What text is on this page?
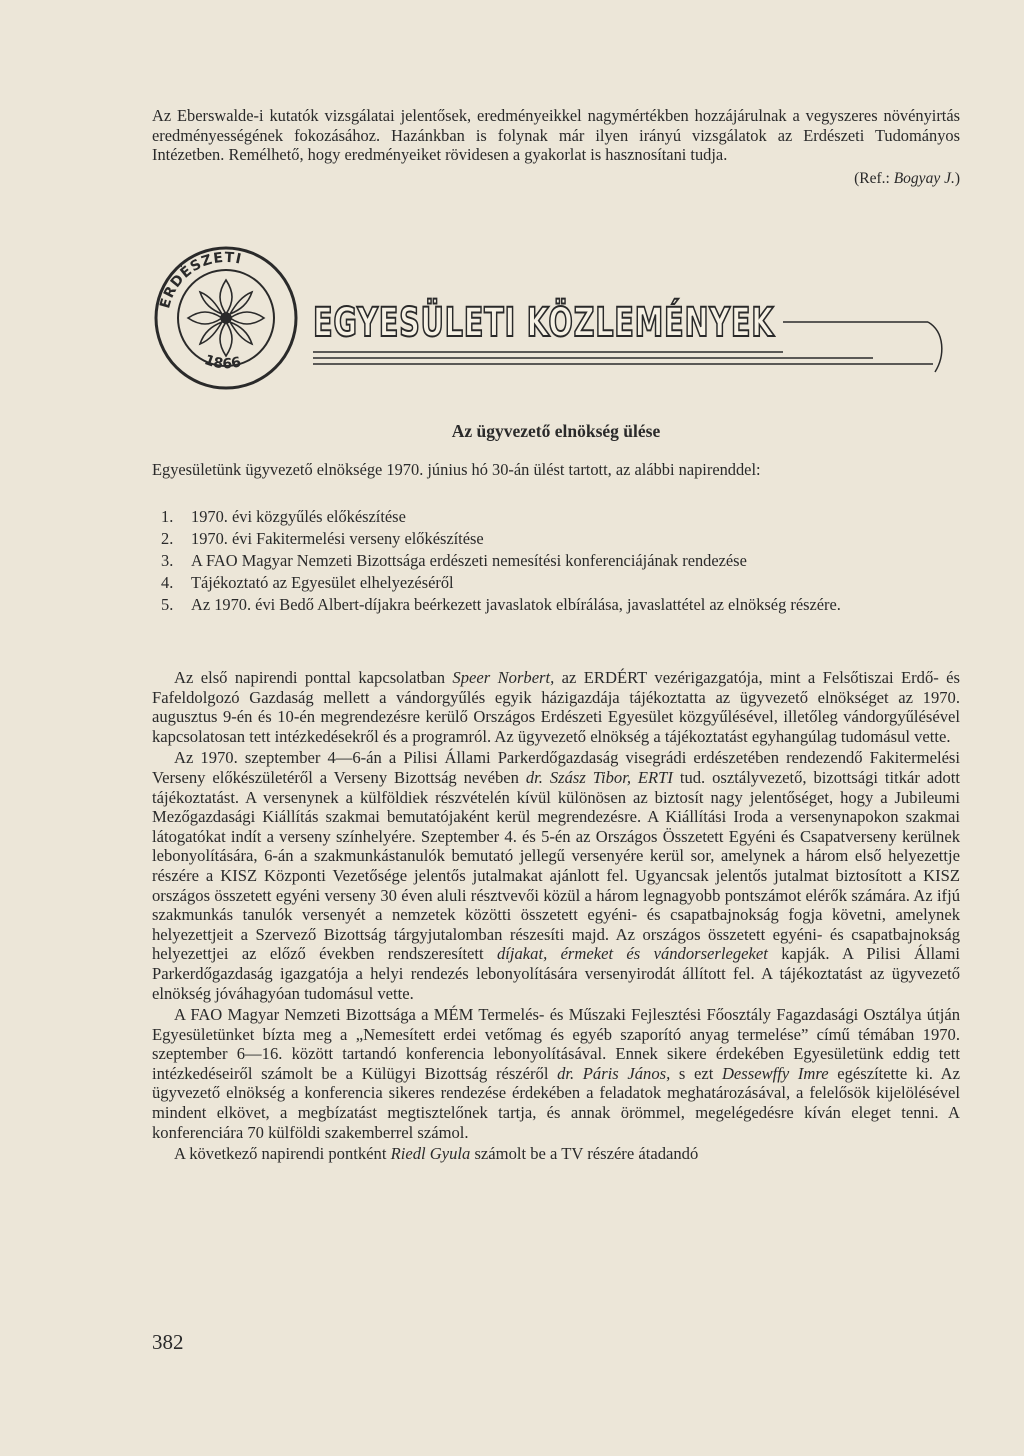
Az Eberswalde-i kutatók vizsgálatai jelentősek, eredményeikkel nagymértékben hozzájárulnak a vegyszeres növényirtás eredményességének fokozásához. Hazánkban is folynak már ilyen irányú vizsgálatok az Erdészeti Tudományos Intézetben. Remélhető, hogy eredményeiket rövidesen a gyakorlat is hasznosítani tudja.

(Ref.: Bogyay J.)
ERDÉSZETI
1866
EGYESÜLETI KÖZLEMÉNYEK
Az ügyvezető elnökség ülése
Egyesületünk ügyvezető elnöksége 1970. június hó 30-án ülést tartott, az alábbi napirenddel:
1.	1970. évi közgyűlés előkészítése
2.	1970. évi Fakitermelési verseny előkészítése
3.	A FAO Magyar Nemzeti Bizottsága erdészeti nemesítési konferenciájának rendezése
4.	Tájékoztató az Egyesület elhelyezéséről
5.	Az 1970. évi Bedő Albert-díjakra beérkezett javaslatok elbírálása, javaslattétel az elnökség részére.

Az első napirendi ponttal kapcsolatban Speer Norbert, az ERDÉRT vezérigazgatója, mint a Felsőtiszai Erdő- és Fafeldolgozó Gazdaság mellett a vándorgyűlés egyik házigazdája tájékoztatta az ügyvezető elnökséget az 1970. augusztus 9-én és 10-én megrendezésre kerülő Országos Erdészeti Egyesület közgyűlésével, illetőleg vándorgyűlésével kapcsolatosan tett intézkedésekről és a programról. Az ügyvezető elnökség a tájékoztatást egyhangúlag tudomásul vette.

Az 1970. szeptember 4—6-án a Pilisi Állami Parkerdőgazdaság visegrádi erdészetében rendezendő Fakitermelési Verseny előkészületéről a Verseny Bizottság nevében dr. Szász Tibor, ERTI tud. osztályvezető, bizottsági titkár adott tájékoztatást. A versenynek a külföldiek részvételén kívül különösen az biztosít nagy jelentőséget, hogy a Jubileumi Mezőgazdasági Kiállítás szakmai bemutatójaként kerül megrendezésre. A Kiállítási Iroda a versenynapokon szakmai látogatókat indít a verseny színhelyére. Szeptember 4. és 5-én az Országos Összetett Egyéni és Csapatverseny kerülnek lebonyolítására, 6-án a szakmunkástanulók bemutató jellegű versenyére kerül sor, amelynek a három első helyezettje részére a KISZ Központi Vezetősége jelentős jutalmakat ajánlott fel. Ugyancsak jelentős jutalmat biztosított a KISZ országos összetett egyéni verseny 30 éven aluli résztvevői közül a három legnagyobb pontszámot elérők számára. Az ifjú szakmunkás tanulók versenyét a nemzetek közötti összetett egyéni- és csapatbajnokság fogja követni, amelynek helyezettjeit a Szervező Bizottság tárgyjutalomban részesíti majd. Az országos összetett egyéni- és csapatbajnokság helyezettjei az előző években rendszeresített díjakat, érmeket és vándorserlegeket kapják. A Pilisi Állami Parkerdőgazdaság igazgatója a helyi rendezés lebonyolítására versenyirodát állított fel. A tájékoztatást az ügyvezető elnökség jóváhagyóan tudomásul vette.

A FAO Magyar Nemzeti Bizottsága a MÉM Termelés- és Műszaki Fejlesztési Főosztály Fagazdasági Osztálya útján Egyesületünket bízta meg a „Nemesített erdei vetőmag és egyéb szaporító anyag termelése” című témában 1970. szeptember 6—16. között tartandó konferencia lebonyolításával. Ennek sikere érdekében Egyesületünk eddig tett intézkedéseiről számolt be a Külügyi Bizottság részéről dr. Páris János, s ezt Dessewffy Imre egészítette ki. Az ügyvezető elnökség a konferencia sikeres rendezése érdekében a feladatok meghatározásával, a felelősök kijelölésével mindent elkövet, a megbízatást megtisztelőnek tartja, és annak örömmel, megelégedésre kíván eleget tenni. A konferenciára 70 külföldi szakemberrel számol.

A következő napirendi pontként Riedl Gyula számolt be a TV részére átadandó

382
